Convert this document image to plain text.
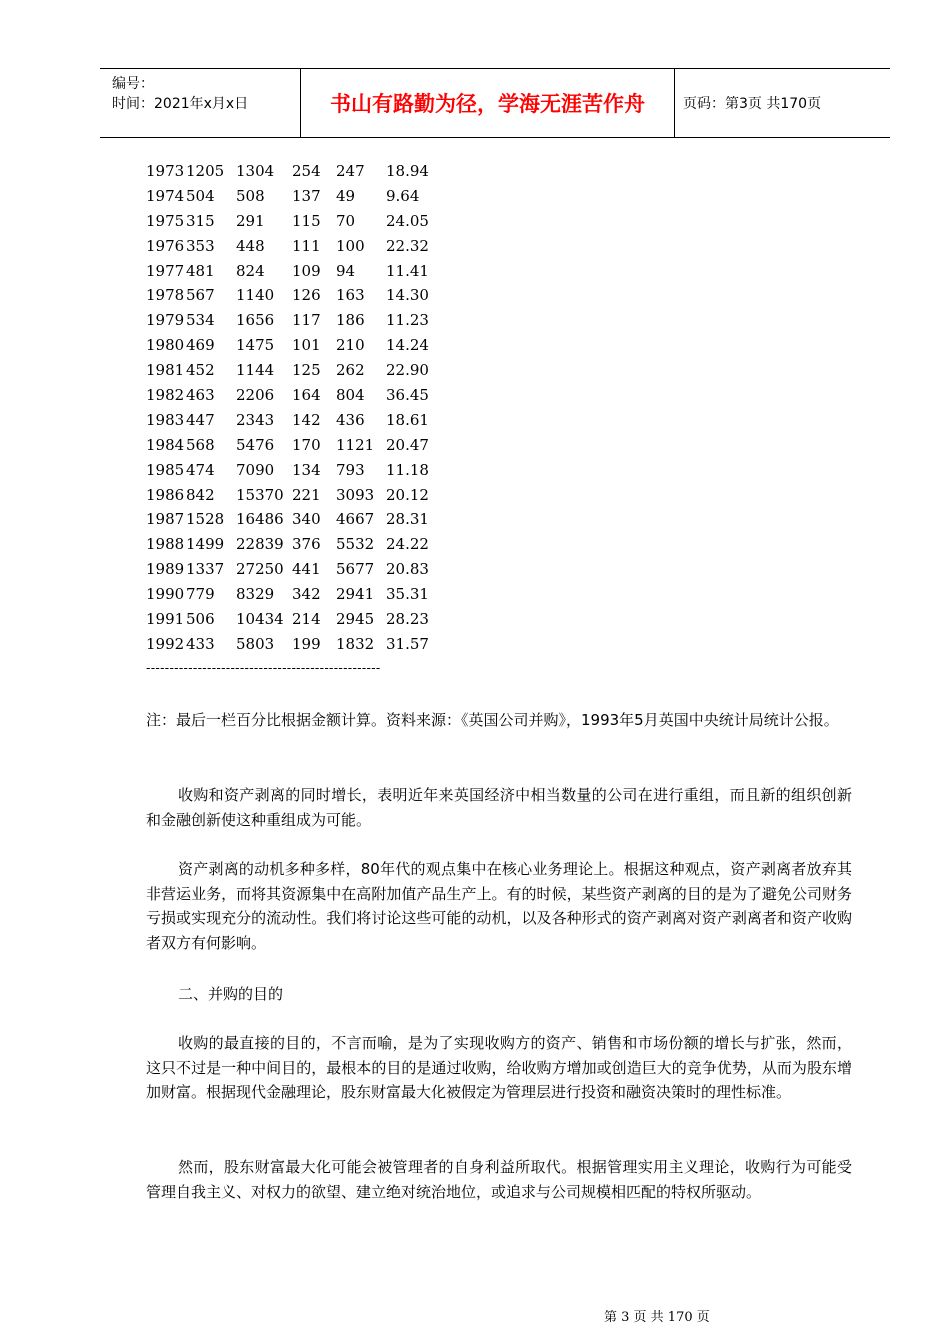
编号：
时间：2021年x月x日	书山有路勤为径，学海无涯苦作舟	页码：第3页 共170页
1973 1205 1304 254 247 18.94
1974 504 508 137 49 9.64
1975 315 291 115 70 24.05
1976 353 448 111 100 22.32
1977 481 824 109 94 11.41
1978 567 1140 126 163 14.30
1979 534 1656 117 186 11.23
1980 469 1475 101 210 14.24
1981 452 1144 125 262 22.90
1982 463 2206 164 804 36.45
1983 447 2343 142 436 18.61
1984 568 5476 170 1121 20.47
1985 474 7090 134 793 11.18
1986 842 15370 221 3093 20.12
1987 1528 16486 340 4667 28.31
1988 1499 22839 376 5532 24.22
1989 1337 27250 441 5677 20.83
1990 779 8329 342 2941 35.31
1991 506 10434 214 2945 28.23
1992 433 5803 199 1832 31.57
--------------------------------------------------
注：最后一栏百分比根据金额计算。资料来源：《英国公司并购》，1993年5月英国中央统计局统计公报。
收购和资产剥离的同时增长，表明近年来英国经济中相当数量的公司在进行重组，而且新的组织创新和金融创新使这种重组成为可能。
资产剥离的动机多种多样，80年代的观点集中在核心业务理论上。根据这种观点，资产剥离者放弃其非营运业务，而将其资源集中在高附加值产品生产上。有的时候，某些资产剥离的目的是为了避免公司财务亏损或实现充分的流动性。我们将讨论这些可能的动机，以及各种形式的资产剥离对资产剥离者和资产收购者双方有何影响。
二、并购的目的
收购的最直接的目的，不言而喻，是为了实现收购方的资产、销售和市场份额的增长与扩张，然而，这只不过是一种中间目的，最根本的目的是通过收购，给收购方增加或创造巨大的竞争优势，从而为股东增加财富。根据现代金融理论，股东财富最大化被假定为管理层进行投资和融资决策时的理性标准。
然而，股东财富最大化可能会被管理者的自身利益所取代。根据管理实用主义理论，收购行为可能受管理自我主义、对权力的欲望、建立绝对统治地位，或追求与公司规模相匹配的特权所驱动。
第 3 页 共 170 页
